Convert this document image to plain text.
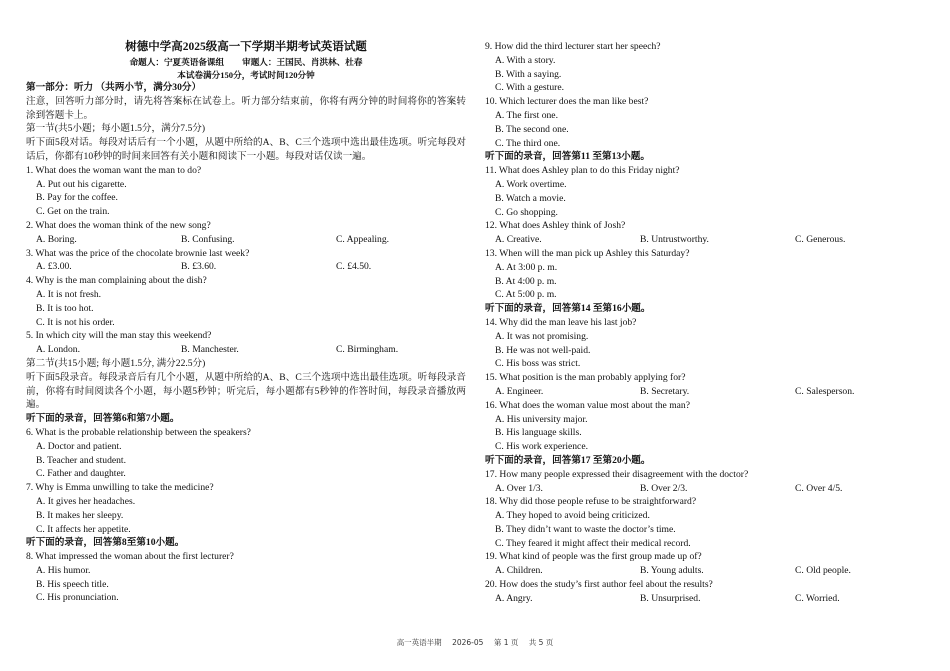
树德中学高2025级高一下学期半期考试英语试题
命题人：宁夏英语备课组 审题人：王国民、肖洪林、杜春
本试卷满分150分，考试时间120分钟
第一部分：听力 （共两小节，满分30分）
注意，回答听力部分时，请先将答案标在试卷上。听力部分结束前，你将有两分钟的时间将你的答案转涂到答题卡上。
第一节(共5小题；每小题1.5分，满分7.5分)
听下面5段对话。每段对话后有一个小题，从题中所给的A、B、C三个选项中选出最佳选项。听完每段对话后，你都有10秒钟的时间来回答有关小题和阅读下一小题。每段对话仅读一遍。
1. What does the woman want the man to do?
A. Put out his cigarette.
B. Pay for the coffee.
C. Get on the train.
2. What does the woman think of the new song?
A. Boring.	B. Confusing.	C. Appealing.
3. What was the price of the chocolate brownie last week?
A. £3.00.	B. £3.60.	C. £4.50.
4. Why is the man complaining about the dish?
A. It is not fresh.
B. It is too hot.
C. It is not his order.
5. In which city will the man stay this weekend?
A. London.	B. Manchester.	C. Birmingham.
第二节(共15小题; 每小题1.5分, 满分22.5分)
听下面5段录音。每段录音后有几个小题，从题中所给的A、B、C三个选项中选出最佳选项。听每段录音前，你将有时间阅读各个小题，每小题5秒钟；听完后，每小题都有5秒钟的作答时间，每段录音播放两遍。
听下面的录音，回答第6和第7小题。
6. What is the probable relationship between the speakers?
A. Doctor and patient.
B. Teacher and student.
C. Father and daughter.
7. Why is Emma unwilling to take the medicine?
A. It gives her headaches.
B. It makes her sleepy.
C. It affects her appetite.
听下面的录音，回答第8至第10小题。
8. What impressed the woman about the first lecturer?
A. His humor.
B. His speech title.
C. His pronunciation.
9. How did the third lecturer start her speech?
A. With a story.
B. With a saying.
C. With a gesture.
10. Which lecturer does the man like best?
A. The first one.
B. The second one.
C. The third one.
听下面的录音，回答第11 至第13小题。
11. What does Ashley plan to do this Friday night?
A. Work overtime.
B. Watch a movie.
C. Go shopping.
12. What does Ashley think of Josh?
A. Creative.	B. Untrustworthy.	C. Generous.
13. When will the man pick up Ashley this Saturday?
A. At 3:00 p. m.
B. At 4:00 p. m.
C. At 5:00 p. m.
听下面的录音，回答第14 至第16小题。
14. Why did the man leave his last job?
A. It was not promising.
B. He was not well-paid.
C. His boss was strict.
15. What position is the man probably applying for?
A. Engineer.	B. Secretary.	C. Salesperson.
16. What does the woman value most about the man?
A. His university major.
B. His language skills.
C. His work experience.
听下面的录音，回答第17 至第20小题。
17. How many people expressed their disagreement with the doctor?
A. Over 1/3.	B. Over 2/3.	C. Over 4/5.
18. Why did those people refuse to be straightforward?
A. They hoped to avoid being criticized.
B. They didn’t want to waste the doctor’s time.
C. They feared it might affect their medical record.
19. What kind of people was the first group made up of?
A. Children.	B. Young adults.	C. Old people.
20. How does the study’s first author feel about the results?
A. Angry.	B. Unsurprised.	C. Worried.
高一英语半期 2026-05 第 1 页 共 5 页
